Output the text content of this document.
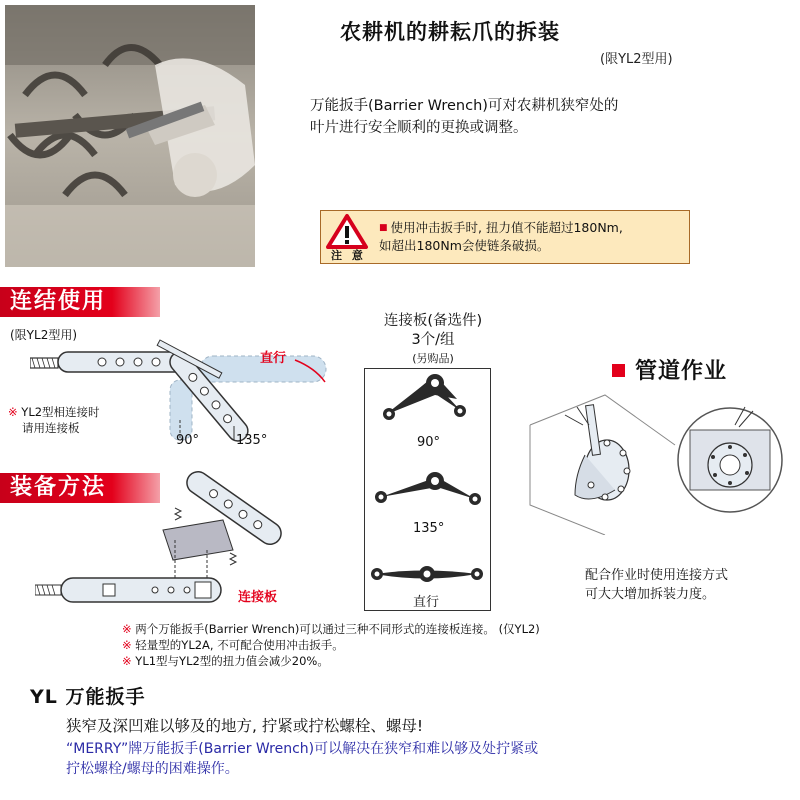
农耕机的耕耘爪的拆装
(限YL2型用)
万能扳手(Barrier Wrench)可对农耕机狭窄处的
叶片进行安全顺利的更换或调整。
注 意
■ 使用冲击扳手时, 扭力值不能超过180Nm,
如超出180Nm会使链条破损。
连结使用
(限YL2型用)
※ YL2型相连接时
请用连接板
90°	135°
直行
装备方法
连接板
连接板(备选件)
3个/组
(另购品)
90°
135°
直行
管道作业
配合作业时使用连接方式
可大大增加拆装力度。
※ 两个万能扳手(Barrier Wrench)可以通过三种不同形式的连接板连接。 (仅YL2)
※ 轻量型的YL2A, 不可配合使用冲击扳手。
※ YL1型与YL2型的扭力值会减少20%。
YL 万能扳手
狭窄及深凹难以够及的地方, 拧紧或拧松螺栓、螺母!
“MERRY”牌万能扳手(Barrier Wrench)可以解决在狭窄和难以够及处拧紧或
拧松螺栓/螺母的困难操作。
